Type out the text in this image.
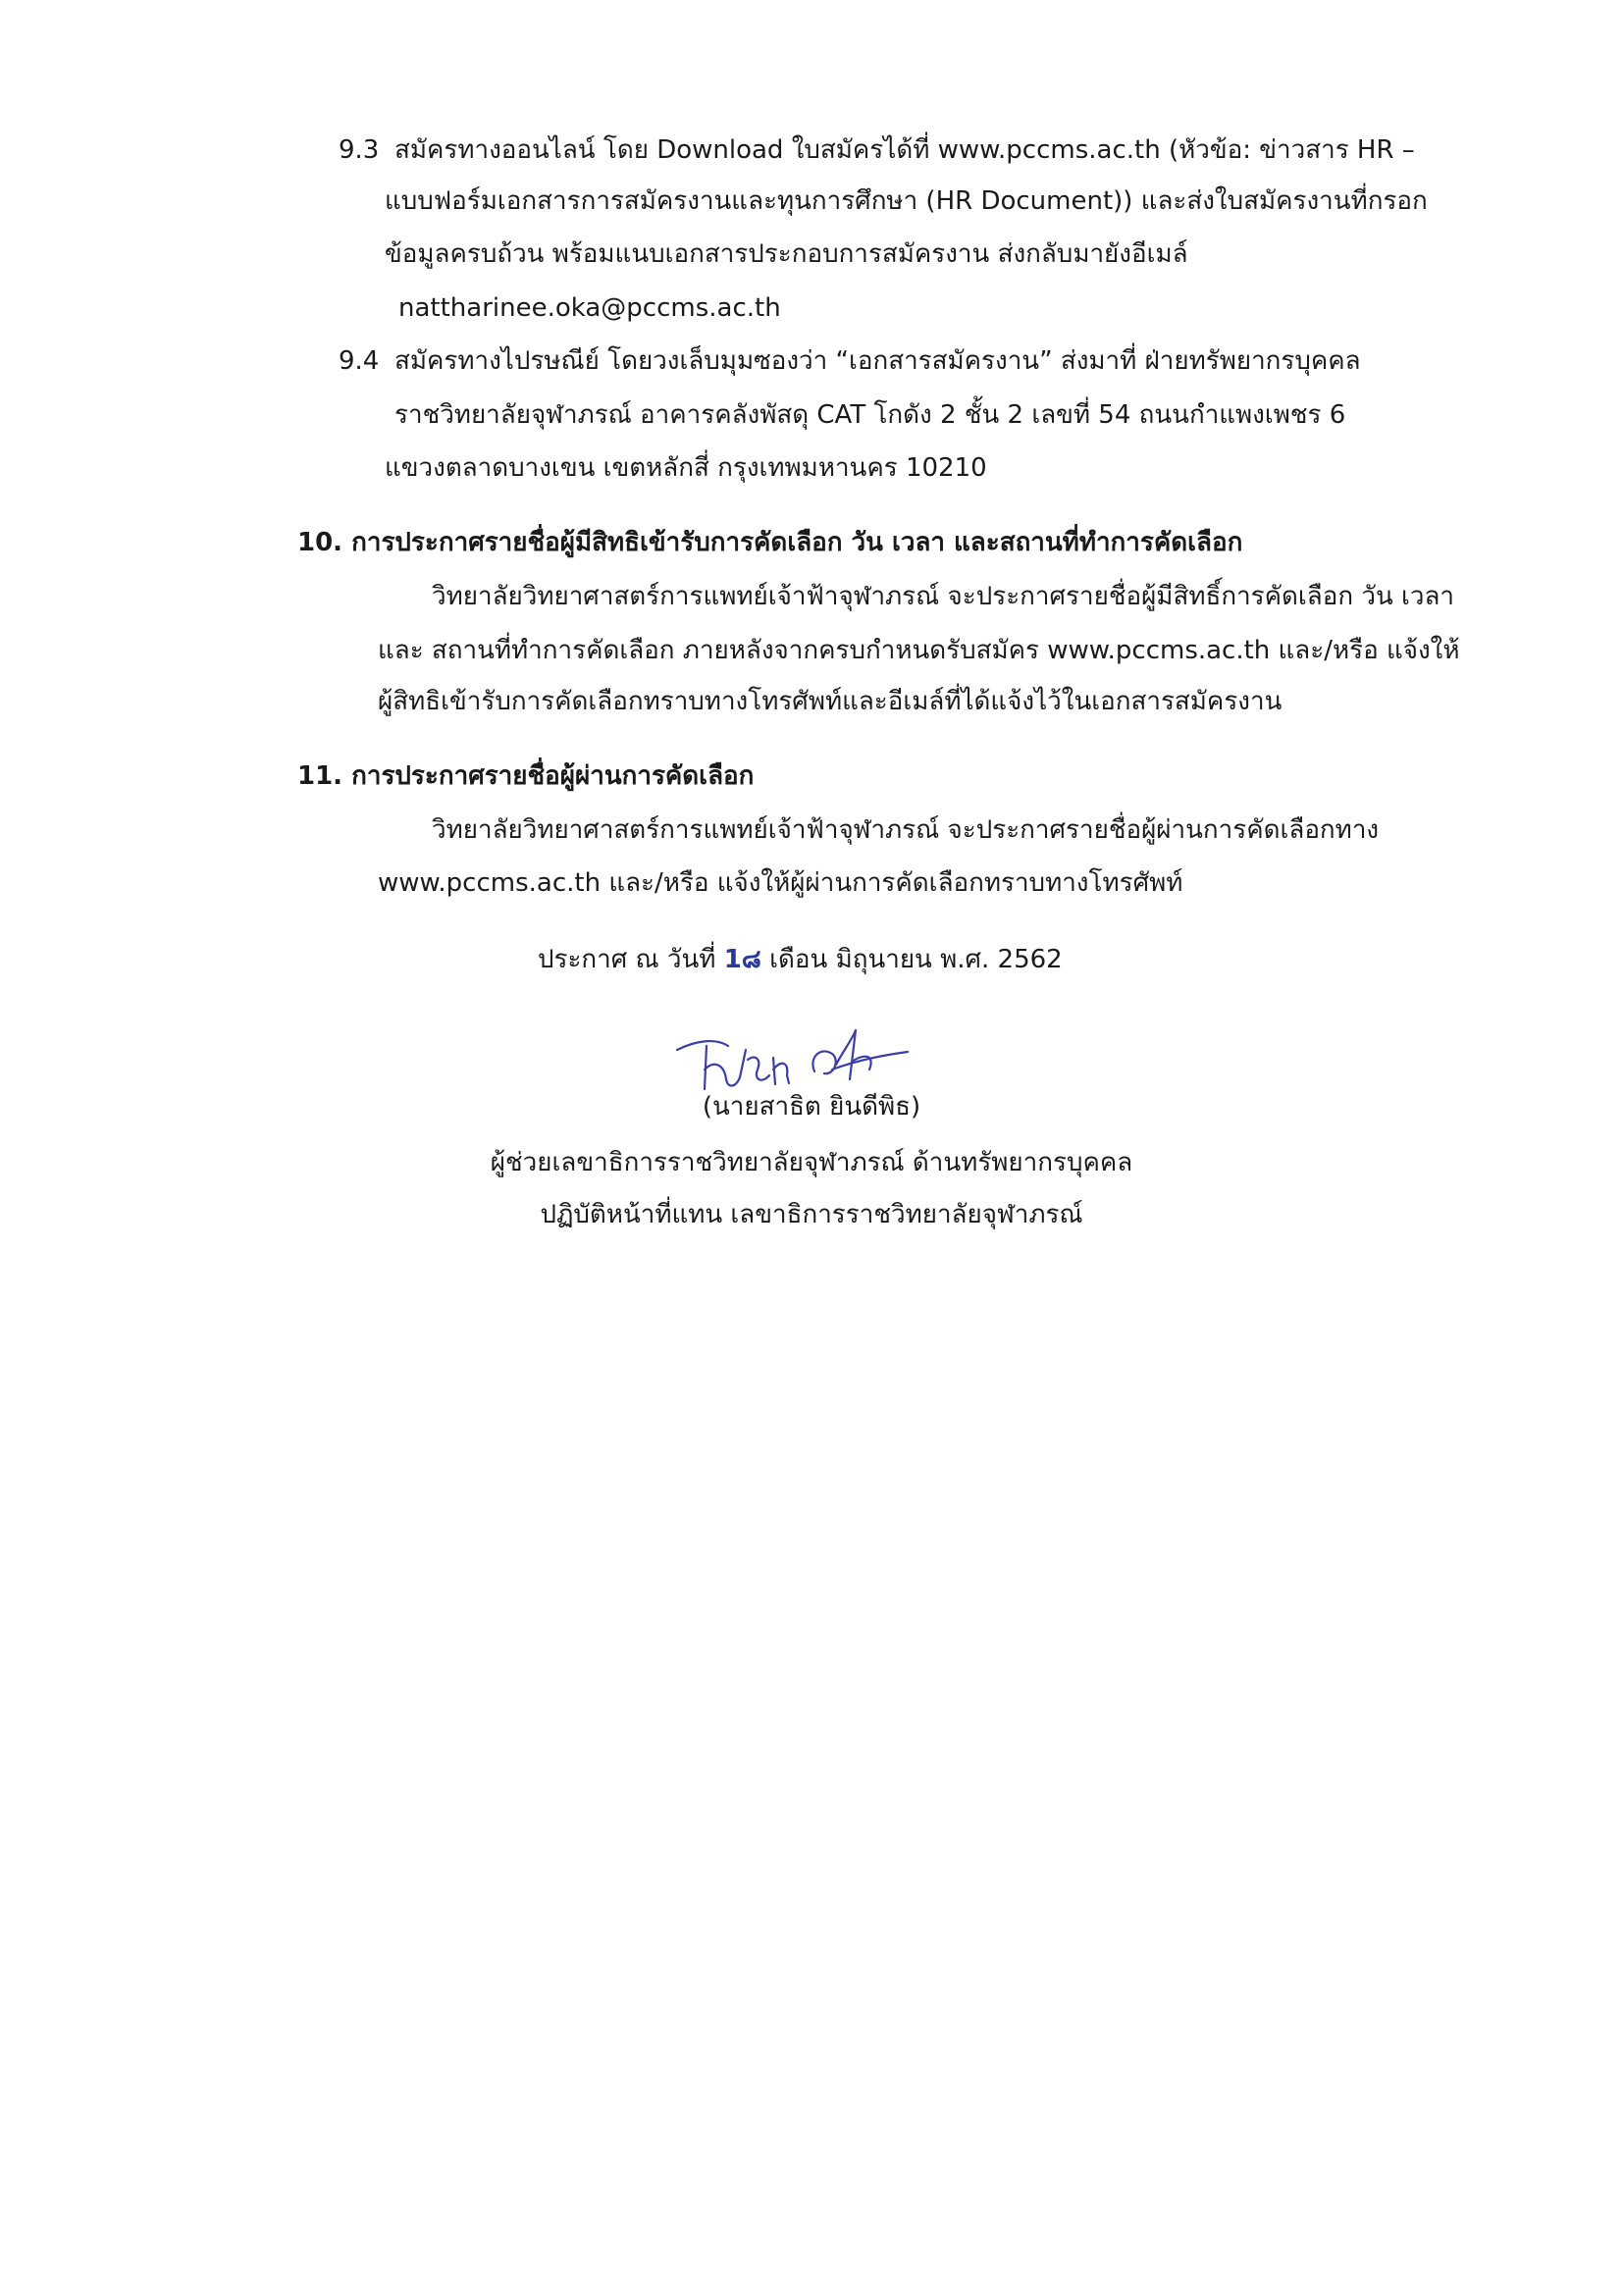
9.3 สมัครทางออนไลน์ โดย Download ใบสมัครได้ที่ www.pccms.ac.th (หัวข้อ: ข่าวสาร HR –
แบบฟอร์มเอกสารการสมัครงานและทุนการศึกษา (HR Document)) และส่งใบสมัครงานที่กรอก
ข้อมูลครบถ้วน พร้อมแนบเอกสารประกอบการสมัครงาน ส่งกลับมายังอีเมล์
nattharinee.oka@pccms.ac.th
9.4 สมัครทางไปรษณีย์ โดยวงเล็บมุมซองว่า “เอกสารสมัครงาน” ส่งมาที่ ฝ่ายทรัพยากรบุคคล
ราชวิทยาลัยจุฬาภรณ์ อาคารคลังพัสดุ CAT โกดัง 2 ชั้น 2 เลขที่ 54 ถนนกำแพงเพชร 6
แขวงตลาดบางเขน เขตหลักสี่ กรุงเทพมหานคร 10210
10. การประกาศรายชื่อผู้มีสิทธิเข้ารับการคัดเลือก วัน เวลา และสถานที่ทำการคัดเลือก
วิทยาลัยวิทยาศาสตร์การแพทย์เจ้าฟ้าจุฬาภรณ์ จะประกาศรายชื่อผู้มีสิทธิ์การคัดเลือก วัน เวลา
และ สถานที่ทำการคัดเลือก ภายหลังจากครบกำหนดรับสมัคร www.pccms.ac.th และ/หรือ แจ้งให้
ผู้สิทธิเข้ารับการคัดเลือกทราบทางโทรศัพท์และอีเมล์ที่ได้แจ้งไว้ในเอกสารสมัครงาน
11. การประกาศรายชื่อผู้ผ่านการคัดเลือก
วิทยาลัยวิทยาศาสตร์การแพทย์เจ้าฟ้าจุฬาภรณ์ จะประกาศรายชื่อผู้ผ่านการคัดเลือกทาง
www.pccms.ac.th และ/หรือ แจ้งให้ผู้ผ่านการคัดเลือกทราบทางโทรศัพท์
ประกาศ ณ วันที่ 1๘ เดือน มิถุนายน พ.ศ. 2562
(นายสาธิต ยินดีพิธ)
ผู้ช่วยเลขาธิการราชวิทยาลัยจุฬาภรณ์ ด้านทรัพยากรบุคคล
ปฏิบัติหน้าที่แทน เลขาธิการราชวิทยาลัยจุฬาภรณ์
